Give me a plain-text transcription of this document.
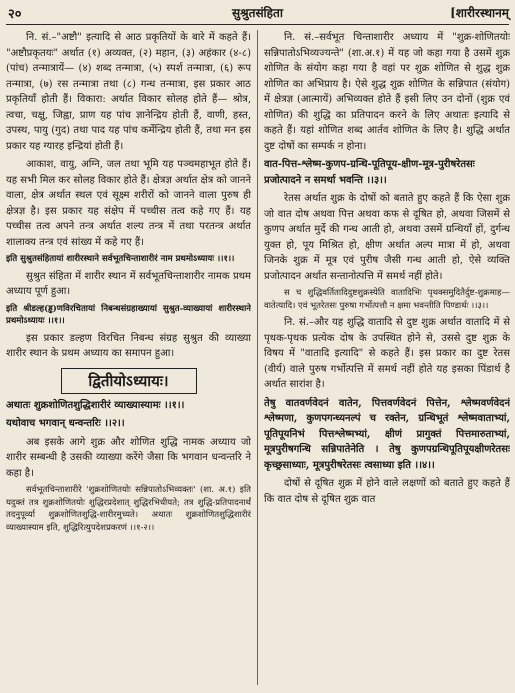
सुश्रुतसंहिता
२०	[शारीरस्थानम्

नि. सं.–"अष्टौ" इत्यादि से आठ प्रकृतियों के बारे में कहते हैं। "अष्टौप्रकृतयः" अर्थात (१) अव्यक्त, (२) महान, (३) अहंकार (४-८) (पांच) तन्मात्रायें— (४) शब्द तन्मात्रा, (५) स्पर्श तन्मात्रा, (६) रूप तन्मात्रा, (७) रस तन्मात्रा तथा (८) गन्ध तन्मात्रा, इस प्रकार आठ प्रकृतियाँ होती हैं। विकारा: अर्थात विकार सोलह होते हैं— श्रोत्र, त्वचा, चक्षु, जिह्वा, प्राण यह पांच ज्ञानेन्द्रिय होती हैं, वाणी, हस्त, उपस्थ, पायु (गुद) तथा पाद यह पांच कर्मेन्द्रिय होती हैं, तथा मन इस प्रकार यह ग्यारह इन्द्रियां होती हैं।

आकाश, वायु, अग्नि, जल तथा भूमि यह पञ्चमहाभूत होते हैं। यह सभी मिल कर सोलह विकार होते हैं। क्षेत्रज्ञ अर्थात क्षेत्र को जानने वाला, क्षेत्र अर्थात स्थल एवं सूक्ष्म शरीरों को जानने वाला पुरुष ही क्षेत्रज्ञ है। इस प्रकार यह संक्षेप में पच्चीस तत्व कहे गए हैं। यह पच्चीस तत्व अपने तन्त्र अर्थात शल्य तन्त्र में तथा परतन्त्र अर्थात शालाक्य तन्त्र एवं सांख्य में कहे गए हैं।

इति सुश्रुतसंहितायां शारीरस्थाने सर्वभूतचिन्ताशारीरं नाम प्रथमोऽध्यायः ।।१।।

सुश्रुत संहिता में शारीर स्थान में सर्वभूतचिन्ताशारीर नामक प्रथम अध्याय पूर्ण हुआ।

इति श्रीडल्ह(ड्ढ)णविरचितायां निबन्धसंग्रहाख्यायां सुश्रुत-व्याख्यायां शारीरस्थाने प्रथमोऽध्यायः ।।१।।

इस प्रकार डल्हण विरचित निबन्ध संग्रह सुश्रुत की व्याख्या शारीर स्थान के प्रथम अध्याय का समापन हुआ।

द्वितीयोऽध्यायः।

अथातः शुक्रशोणितशुद्धिशारीरं व्याख्यास्यामः ।।१।।

यथोवाच भगवान् धन्वन्तरिः ।।२।।

अब इसके आगे शुक्र और शोणित शुद्धि नामक अध्याय जो शारीर सम्बन्धी है उसकी व्याख्या करेंगे जैसा कि भगवान धन्वन्तरि ने कहा है।

सर्वभूतचिन्ताशारीरे 'शुक्रशोणितयोः सन्निपातोऽभिव्यक्तः' (शा. अ.१) इति यदुक्तं तत्र शुक्रशोणितयोः शुद्धिरप्रदेशात् शुद्धिरभिधीयते; तत्र शुद्धि-प्रतिपादनार्थं तदनुपूर्व्या शुक्रशोणितशुद्धि-शारीरमुच्यते। अथातः शुक्रशोणितशुद्धिशारीरं व्याख्यास्याम इति, शुद्धिरित्युपदेशप्रकरणं ।।१-२।।

नि. सं.–सर्वभूत चिन्ताशारीर अध्याय में "शुक्र-शोणितयोः सन्निपातोऽभिव्यज्यन्ते" (शा.अ.१) में यह जो कहा गया है उसमें शुक्र शोणित के संयोग कहा गया है वहां पर शुक्र शोणित से शुद्ध शुक्र शोणित का अभिप्राय है। ऐसे शुद्ध शुक्र शोणित के सन्निपात (संयोग) में क्षेत्रज्ञ (आत्मायें) अभिव्यक्त होते हैं इसी लिए उन दोनों (शुक्र एवं शोणित) की शुद्धि का प्रतिपादन करने के लिए अथातः इत्यादि से कहते हैं। यहां शोणित शब्द आर्तव शोणित के लिए है। शुद्धि अर्थात दुष्ट दोषों का सम्पर्क न होना।

वात-पित्त-श्लेष्म-कुणप-ग्रन्थि-पूतिपूय-क्षीण-मूत्र-पुरीषरेतसः प्रजोत्पादने न समर्था भवन्ति ।।३।।

रेतस अर्थात शुक्र के दोषों को बताते हुए कहते हैं कि ऐसा शुक्र जो वात दोष अथवा पित्त अथवा कफ से दूषित हो, अथवा जिसमें से कुणप अर्थात मुर्दे की गन्ध आती हो, अथवा उसमें ग्रन्थियाँ हों, दुर्गन्ध युक्त हो, पूय मिश्रित हो, क्षीण अर्थात अल्प मात्रा में हो, अथवा जिनके शुक्र में मूत्र एवं पुरीष जैसी गन्ध आती हो, ऐसे व्यक्ति प्रजोत्पादन अर्थात सन्तानोत्पत्ति में समर्थ नहीं होते।

स च शुद्धिवर्तितादिदुष्टशुक्रस्येति वातादिभिः पृथक्समुदितैर्दुष्ट-शुक्रमाह—वातेत्यादि। एवं भूतरेतसः पुरुषा गर्भोत्पत्तौ न क्षमा भवन्तीति पिण्डार्थः ।।३।।

नि. सं.–और यह शुद्धि वातादि से दुष्ट शुक्र अर्थात वातादि में से पृथक-पृथक प्रत्येक दोष के उपस्थित होने से, उससे दुष्ट शुक्र के विषय में "वातादि इत्यादि" से कहते हैं। इस प्रकार का दुष्ट रेतस (वीर्य) वाले पुरुष गर्भोत्पत्ति में समर्थ नहीं होते यह इसका पिंडार्थ है अर्थात सारांश है।

तेषु वातवर्णवेदनं वातेन, पित्तवर्णवेदनं पित्तेन, श्लेष्मवर्णवेदनं श्लेष्मणा, कुणपगन्ध्यनल्पं च रक्तेन, ग्रन्थिभूतं श्लेष्मवाताभ्यां, पूतिपूयनिभं पित्तश्लेष्मभ्यां, क्षीणं प्रागुक्तं पित्तमारुताभ्यां, मूत्रपुरीषगन्धि सन्निपातेनेति । तेषु कुणपग्रन्थिपूतिपूयक्षीणरेतसः कृच्छ्रसाध्याः, मूत्रपुरीषरेतसः त्वसाध्या इति ।।४।।

दोषों से दूषित शुक्र में होने वाले लक्षणों को बताते हुए कहते हैं कि वात दोष से दूषित शुक्र वात
